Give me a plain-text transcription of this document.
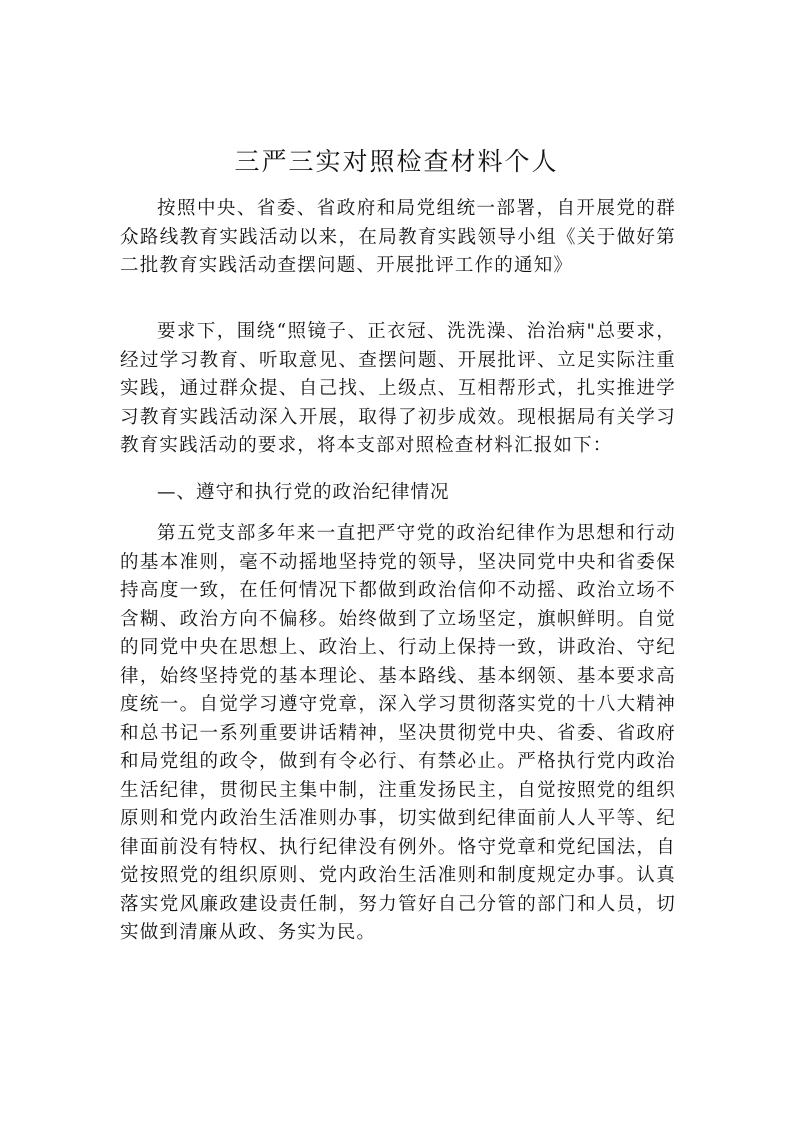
三严三实对照检查材料个人

按照中央、省委、省政府和局党组统一部署，自开展党的群众路线教育实践活动以来，在局教育实践领导小组《关于做好第二批教育实践活动查摆问题、开展批评工作的通知》

要求下，围绕“照镜子、正衣冠、洗洗澡、治治病"总要求，经过学习教育、听取意见、查摆问题、开展批评、立足实际注重实践，通过群众提、自己找、上级点、互相帮形式，扎实推进学习教育实践活动深入开展，取得了初步成效。现根据局有关学习教育实践活动的要求，将本支部对照检查材料汇报如下：

—、遵守和执行党的政治纪律情况

第五党支部多年来一直把严守党的政治纪律作为思想和行动的基本准则，毫不动摇地坚持党的领导，坚决同党中央和省委保持高度一致，在任何情况下都做到政治信仰不动摇、政治立场不含糊、政治方向不偏移。始终做到了立场坚定，旗帜鲜明。自觉的同党中央在思想上、政治上、行动上保持一致，讲政治、守纪律，始终坚持党的基本理论、基本路线、基本纲领、基本要求高度统一。自觉学习遵守党章，深入学习贯彻落实党的十八大精神和总书记一系列重要讲话精神，坚决贯彻党中央、省委、省政府和局党组的政令，做到有令必行、有禁必止。严格执行党内政治生活纪律，贯彻民主集中制，注重发扬民主，自觉按照党的组织原则和党内政治生活准则办事，切实做到纪律面前人人平等、纪律面前没有特权、执行纪律没有例外。恪守党章和党纪国法，自觉按照党的组织原则、党内政治生活准则和制度规定办事。认真落实党风廉政建设责任制，努力管好自己分管的部门和人员，切实做到清廉从政、务实为民。
